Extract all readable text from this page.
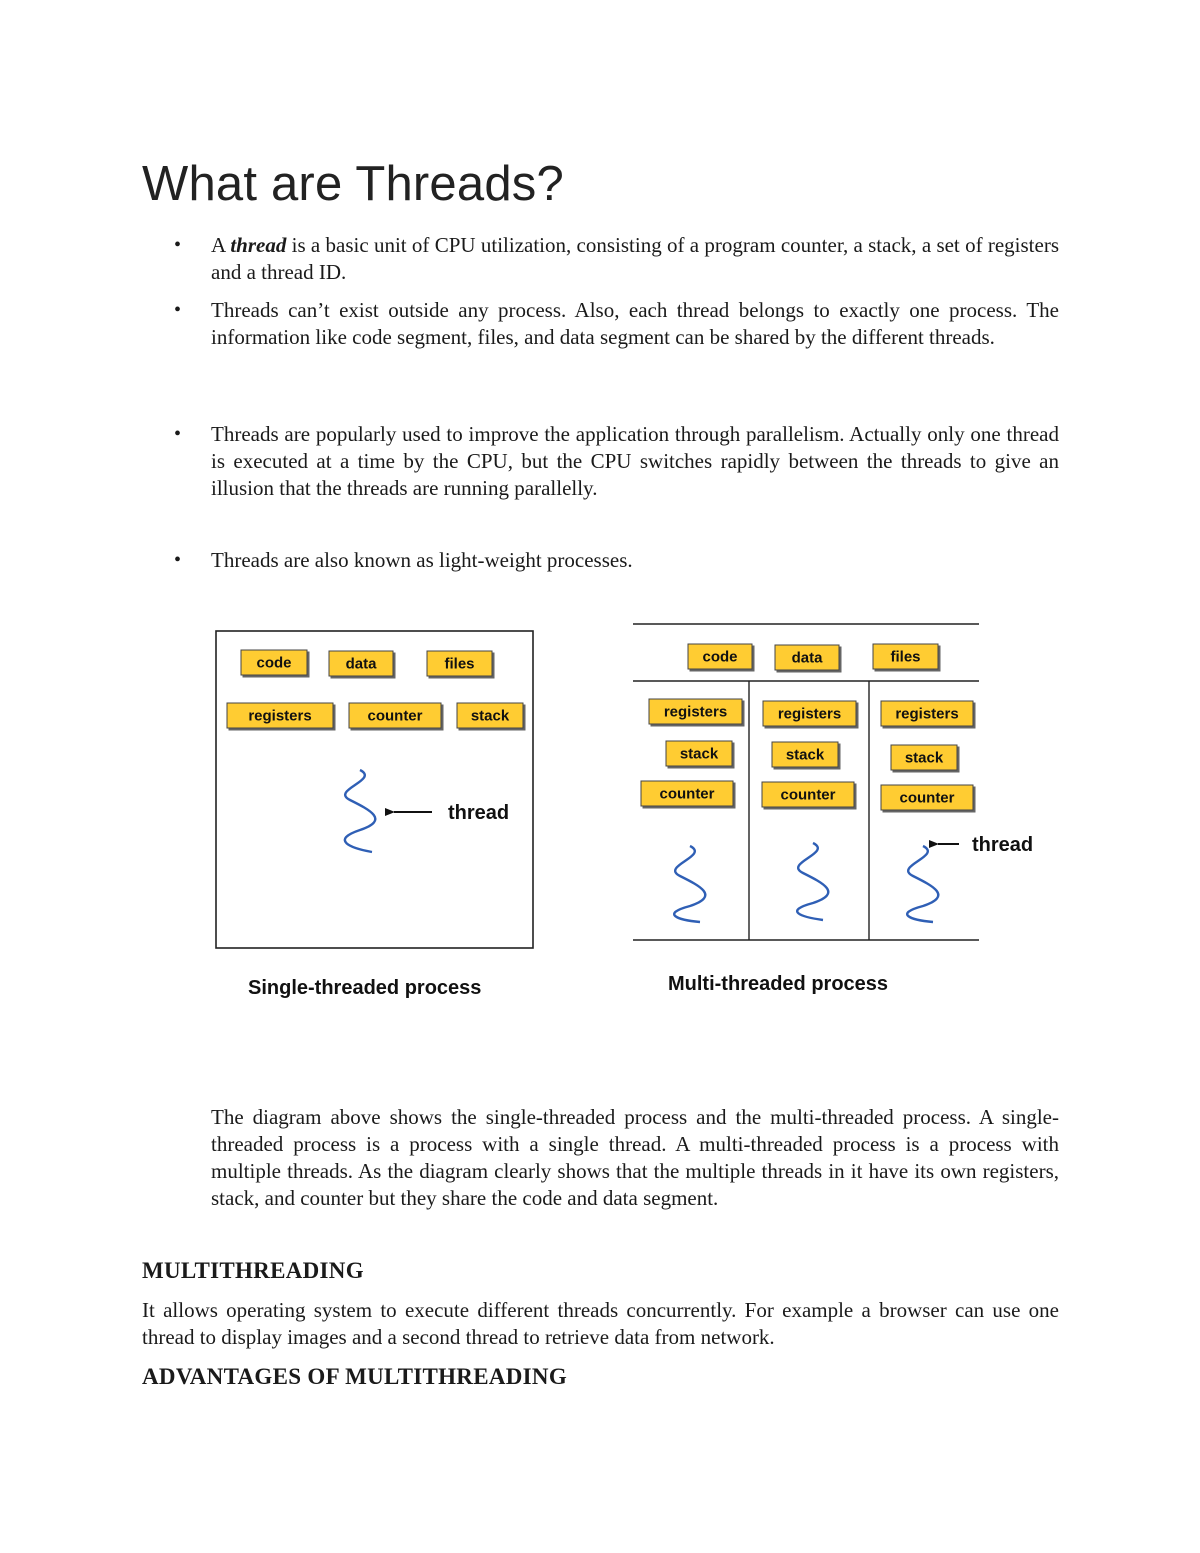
What are Threads?
• A thread is a basic unit of CPU utilization, consisting of a program counter, a stack, a set of registers and a thread ID.
• Threads can’t exist outside any process. Also, each thread belongs to exactly one process. The information like code segment, files, and data segment can be shared by the different threads.
• Threads are popularly used to improve the application through parallelism. Actually only one thread is executed at a time by the CPU, but the CPU switches rapidly between the threads to give an illusion that the threads are running parallelly.
• Threads are also known as light-weight processes.
code	data	files
registers	counter	stack
thread
code	data	files
registers
stack
counter
registers
stack
counter
registers
stack
counter
thread
Single-threaded process	Multi-threaded process

The diagram above shows the single-threaded process and the multi-threaded process. A single-threaded process is a process with a single thread. A multi-threaded process is a process with multiple threads. As the diagram clearly shows that the multiple threads in it have its own registers, stack, and counter but they share the code and data segment.

MULTITHREADING

It allows operating system to execute different threads concurrently. For example a browser can use one thread to display images and a second thread to retrieve data from network.

ADVANTAGES OF MULTITHREADING
